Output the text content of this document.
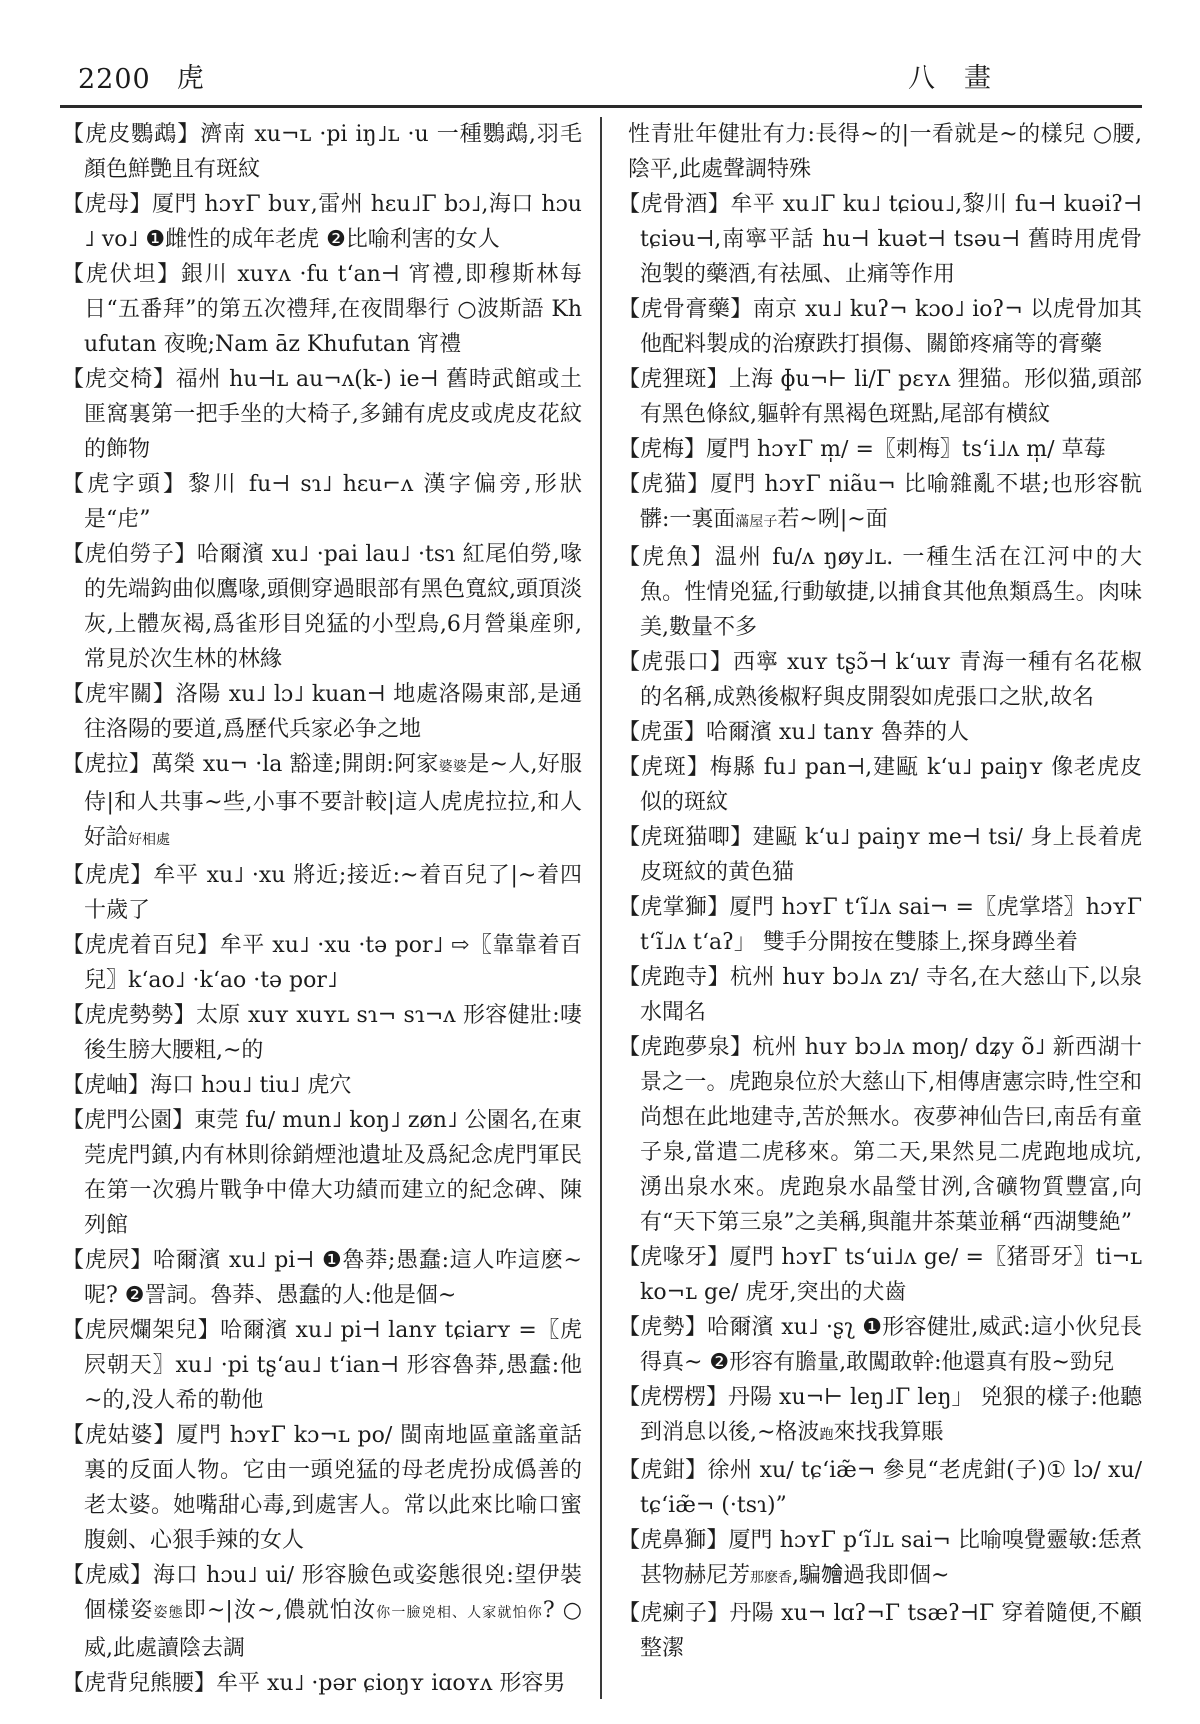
2200 虎	八　畫

【虎皮鸚鵡】濟南 xu¬ʟ ·pi iŋ˩ʟ ·u 一種鸚鵡,羽毛顏色鮮艷且有斑紋

【虎母】厦門 hɔʏΓ buʏ,雷州 hɛu˩Γ bɔ˩,海口 hɔu˩ vo˩ ❶雌性的成年老虎 ❷比喻利害的女人

【虎伏坦】銀川 xuʏʌ ·fu tʻan⊣ 宵禮,即穆斯林每日“五番拜”的第五次禮拜,在夜間舉行 ○波斯語 Khufutan 夜晚;Nam āz Khufutan 宵禮

【虎交椅】福州 hu⊣ʟ au¬ʌ(k-) ie⊣ 舊時武館或土匪窩裏第一把手坐的大椅子,多鋪有虎皮或虎皮花紋的飾物

【虎字頭】黎川 fu⊣ sɿ˩ hɛu⌐ʌ 漢字偏旁,形狀是“虍”

【虎伯勞子】哈爾濱 xu˩ ·pai lau˩ ·tsɿ 紅尾伯勞,喙的先端鈎曲似鷹喙,頭側穿過眼部有黑色寬紋,頭頂淡灰,上體灰褐,爲雀形目兇猛的小型鳥,6月營巢産卵,常見於次生林的林緣

【虎牢關】洛陽 xu˩ lɔ˩ kuan⊣ 地處洛陽東部,是通往洛陽的要道,爲歷代兵家必争之地

【虎拉】萬榮 xu¬ ·la 豁達;開朗:阿家婆婆是~人,好服侍|和人共事~些,小事不要計較|這人虎虎拉拉,和人好詥好相處

【虎虎】牟平 xu˩ ·xu 將近;接近:~着百兒了|~着四十歲了

【虎虎着百兒】牟平 xu˩ ·xu ·tə por˩ ⇨〖靠靠着百兒〗kʻao˩ ·kʻao ·tə por˩

【虎虎勢勢】太原 xuʏ xuʏʟ sɿ¬ sɿ¬ʌ 形容健壯:啛後生膀大腰粗,~的

【虎岫】海口 hɔu˩ tiu˩ 虎穴

【虎門公園】東莞 fu∕ mun˩ koŋ˩ zøn˩ 公園名,在東莞虎門鎮,内有林則徐銷煙池遺址及爲紀念虎門軍民在第一次鴉片戰争中偉大功績而建立的紀念碑、陳列館

【虎屄】哈爾濱 xu˩ pi⊣ ❶魯莽;愚蠢:這人咋這麽~呢? ❷詈詞。魯莽、愚蠢的人:他是個~

【虎屄爛架兒】哈爾濱 xu˩ pi⊣ lanʏ tɕiarʏ =〖虎屄朝天〗xu˩ ·pi tʂʻau˩ tʻian⊣ 形容魯莽,愚蠢:他~的,没人希的勒他

【虎姑婆】厦門 hɔʏΓ kɔ¬ʟ po∕ 閩南地區童謠童話裏的反面人物。它由一頭兇猛的母老虎扮成僞善的老太婆。她嘴甜心毒,到處害人。常以此來比喻口蜜腹劍、心狠手辣的女人

【虎威】海口 hɔu˩ ui∕ 形容臉色或姿態很兇:望伊裝個樣姿姿態即~|汝~,儂就怕汝你一臉兇相、人家就怕你? ○威,此處讀陰去調

【虎背兒熊腰】牟平 xu˩ ·pər ɕioŋʏ iɑoʏʌ 形容男

性青壯年健壯有力:長得~的|一看就是~的樣兒 ○腰,陰平,此處聲調特殊

【虎骨酒】牟平 xu˩Γ ku˩ tɕiou˩,黎川 fu⊣ kuəiʔ⊣ tɕiəu⊣,南寧平話 hu⊣ kuət⊣ tsəu⊣ 舊時用虎骨泡製的藥酒,有祛風、止痛等作用

【虎骨膏藥】南京 xu˩ kuʔ¬ kɔo˩ ioʔ¬ 以虎骨加其他配料製成的治療跌打損傷、關節疼痛等的膏藥

【虎狸斑】上海 ɸu¬⊢ li∕Γ pɛʏʌ 狸猫。形似猫,頭部有黑色條紋,軀幹有黑褐色斑點,尾部有横紋

【虎梅】厦門 hɔʏΓ m̩∕ =〖刺梅〗tsʻi˩ʌ m̩∕ 草莓

【虎猫】厦門 hɔʏΓ niãu¬ 比喻雜亂不堪;也形容骯髒:一裏面滿屋子若~咧|~面

【虎魚】温州 fu∕ʌ ŋøy˩ʟ. 一種生活在江河中的大魚。性情兇猛,行動敏捷,以捕食其他魚類爲生。肉味美,數量不多

【虎張口】西寧 xuʏ tʂɔ̃⊣ kʻɯʏ 青海一種有名花椒的名稱,成熟後椒籽與皮開裂如虎張口之狀,故名

【虎蛋】哈爾濱 xu˩ tanʏ 魯莽的人

【虎斑】梅縣 fu˩ pan⊣,建甌 kʻu˩ paiŋʏ 像老虎皮似的斑紋

【虎斑猫唧】建甌 kʻu˩ paiŋʏ me⊣ tsi∕ 身上長着虎皮斑紋的黄色猫

【虎掌獅】厦門 hɔʏΓ tʻĩ˩ʌ sai¬ =〖虎掌塔〗hɔʏΓ tʻĩ˩ʌ tʻaʔ」 雙手分開按在雙膝上,探身蹲坐着

【虎跑寺】杭州 huʏ bɔ˩ʌ zɿ∕ 寺名,在大慈山下,以泉水聞名

【虎跑夢泉】杭州 huʏ bɔ˩ʌ moŋ∕ dʑy õ˩ 新西湖十景之一。虎跑泉位於大慈山下,相傳唐憲宗時,性空和尚想在此地建寺,苦於無水。夜夢神仙告曰,南岳有童子泉,當遣二虎移來。第二天,果然見二虎跑地成坑,湧出泉水來。虎跑泉水晶瑩甘洌,含礦物質豐富,向有“天下第三泉”之美稱,與龍井茶葉並稱“西湖雙絶”

【虎喙牙】厦門 hɔʏΓ tsʻui˩ʌ ge∕ =〖猪哥牙〗ti¬ʟ ko¬ʟ ge∕ 虎牙,突出的犬齒

【虎勢】哈爾濱 xu˩ ·ʂʅ ❶形容健壯,威武:這小伙兒長得真~ ❷形容有膽量,敢闖敢幹:他還真有股~勁兒

【虎楞楞】丹陽 xu¬⊢ leŋ˩Γ leŋ」 兇狠的樣子:他聽到消息以後,~格波跑來找我算賬

【虎鉗】徐州 xu∕ tɕʻiæ̃¬ 參見“老虎鉗(子)① lɔ∕ xu∕ tɕʻiæ̃¬ (·tsɿ)”

【虎鼻獅】厦門 hɔʏΓ pʻĩ˩ʟ sai¬ 比喻嗅覺靈敏:恁煮甚物赫尼芳那麽香,騙𣍐過我即個~

【虎瘌子】丹陽 xu¬ lɑʔ¬Γ tsæʔ⊣Γ 穿着隨便,不顧整潔
